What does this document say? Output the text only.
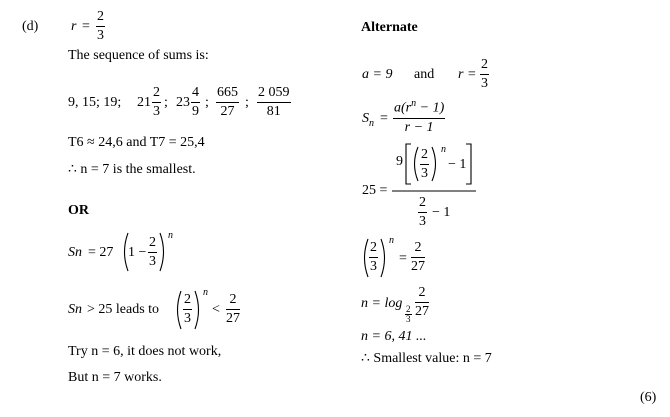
(d) $r = \frac{2}{3}$
The sequence of sums is:
9, 15; 19; $21 \frac{2}{3}$ ; $23 \frac{4}{9}$ ; $\frac{665}{27}$ ; $\frac{2 059}{81}$
T6 ≈ 24,6 and T7 = 25,4
∴ n = 7 is the smallest.
OR
Sn = 27 $1 - \frac{2}{3}$
n
Sn > 25 leads to $\frac{2}{3}$
n
< $\frac{2}{27}$
Try n = 6, it does not work,
But n = 7 works.
Alternate
a = 9 and $r = \frac{2}{3}$
$S_n = \frac{a(r^n - 1)}{r - 1}$
25 =
$9 \frac{2}{3}$ n
− 1
$\frac{2}{3} - 1$
$\frac{2}{3}$
n
= $\frac{2}{27}$
n = log
$\frac{2}{3} \frac{2}{27}$
n = 6, 41 ...
∴ Smallest value: n = 7
(6)
